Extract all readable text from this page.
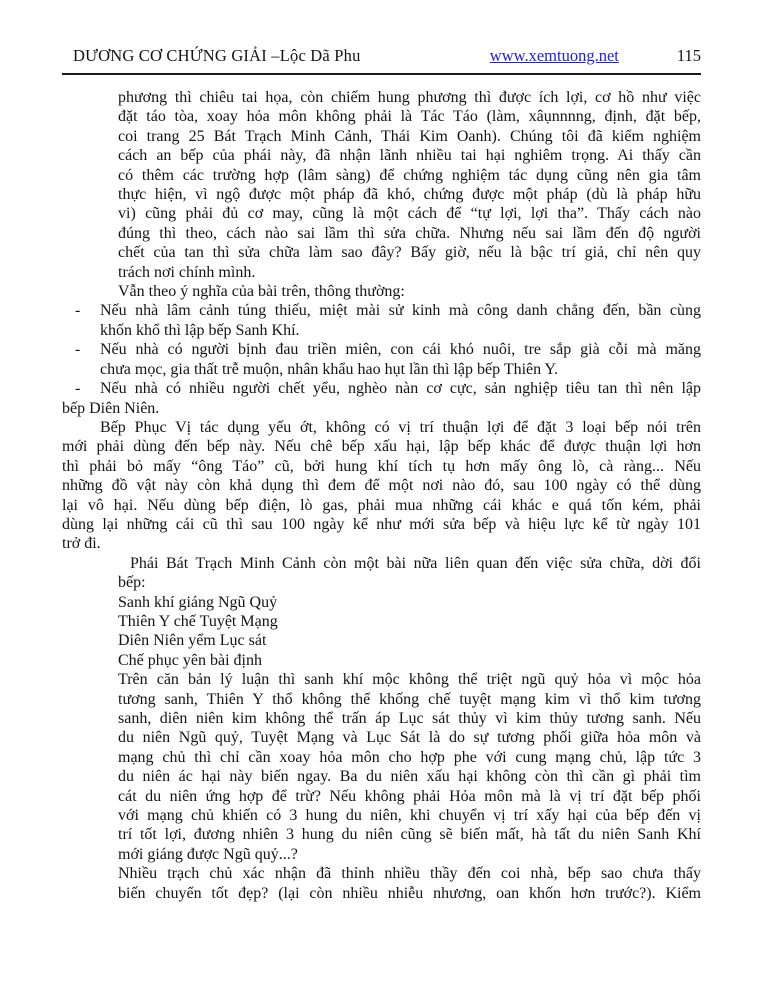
DƯƠNG CƠ CHỨNG GIẢI –Lộc Dã Phu	www.xemtuong.net	115
phương thì chiêu tai họa, còn chiếm hung phương thì được ích lợi, cơ hồ như việc
đặt táo tòa, xoay hỏa môn không phải là Tác Táo (làm, xâụnnnng, định, đặt bếp,
coi trang 25 Bát Trạch Minh Cảnh, Thái Kim Oanh). Chúng tôi đã kiểm nghiệm
cách an bếp của phái này, đã nhận lãnh nhiều tai hại nghiêm trọng. Ai thấy cần
có thêm các trường hợp (lâm sàng) để chứng nghiệm tác dụng cũng nên gia tâm
thực hiện, vì ngộ được một pháp đã khó, chứng được một pháp (dù là pháp hữu
vi) cũng phải đủ cơ may, cũng là một cách để “tự lợi, lợi tha”. Thấy cách nào
đúng thì theo, cách nào sai lầm thì sửa chữa. Nhưng nếu sai lầm đến độ người
chết của tan thì sửa chữa làm sao đây? Bấy giờ, nếu là bậc trí giả, chỉ nên quy
trách nơi chính mình.
Vẫn theo ý nghĩa của bài trên, thông thường:
- Nếu nhà lâm cảnh túng thiếu, miệt mài sử kinh mà công danh chẳng đến, bần cùng
khốn khổ thì lập bếp Sanh Khí.
- Nếu nhà có người bịnh đau triền miên, con cái khó nuôi, tre sắp già cỗi mà măng
chưa mọc, gia thất trễ muộn, nhân khẩu hao hụt lần thì lập bếp Thiên Y.
- Nếu nhà có nhiều người chết yểu, nghèo nàn cơ cực, sản nghiệp tiêu tan thì nên lập
bếp Diên Niên.
Bếp Phục Vị tác dụng yếu ớt, không có vị trí thuận lợi để đặt 3 loại bếp nói trên
mới phải dùng đến bếp này. Nếu chê bếp xấu hại, lập bếp khác để được thuận lợi hơn
thì phải bỏ mấy “ông Táo” cũ, bởi hung khí tích tụ hơn mấy ông lò, cà ràng... Nếu
những đồ vật này còn khả dụng thì đem để một nơi nào đó, sau 100 ngày có thể dùng
lại vô hại. Nếu dùng bếp điện, lò gas, phải mua những cái khác e quá tốn kém, phải
dùng lại những cái cũ thì sau 100 ngày kể như mới sửa bếp và hiệu lực kể từ ngày 101
trở đi.
Phái Bát Trạch Minh Cảnh còn một bài nữa liên quan đến việc sửa chữa, dời đổi
bếp:
Sanh khí giáng Ngũ Quỷ
Thiên Y chế Tuyệt Mạng
Diên Niên yểm Lục sát
Chế phục yên bài định
Trên căn bản lý luận thì sanh khí mộc không thể triệt ngũ quỷ hỏa vì mộc hỏa
tương sanh, Thiên Y thổ không thể khống chế tuyệt mạng kim vì thổ kim tương
sanh, diên niên kim không thể trấn áp Lục sát thủy vì kim thủy tương sanh. Nếu
du niên Ngũ quỷ, Tuyệt Mạng và Lục Sát là do sự tương phối giữa hỏa môn và
mạng chủ thì chỉ cần xoay hỏa môn cho hợp phe với cung mạng chủ, lập tức 3
du niên ác hại này biến ngay. Ba du niên xấu hại không còn thì cần gì phải tìm
cát du niên ứng hợp để trừ? Nếu không phải Hỏa môn mà là vị trí đặt bếp phối
với mạng chủ khiến có 3 hung du niên, khi chuyển vị trí xấy hại của bếp đến vị
trí tốt lợi, đương nhiên 3 hung du niên cũng sẽ biến mất, hà tất du niên Sanh Khí
mới giáng được Ngũ quỷ...?
Nhiều trạch chủ xác nhận đã thỉnh nhiều thầy đến coi nhà, bếp sao chưa thấy
biến chuyển tốt đẹp? (lại còn nhiều nhiễu nhương, oan khốn hơn trước?). Kiểm
